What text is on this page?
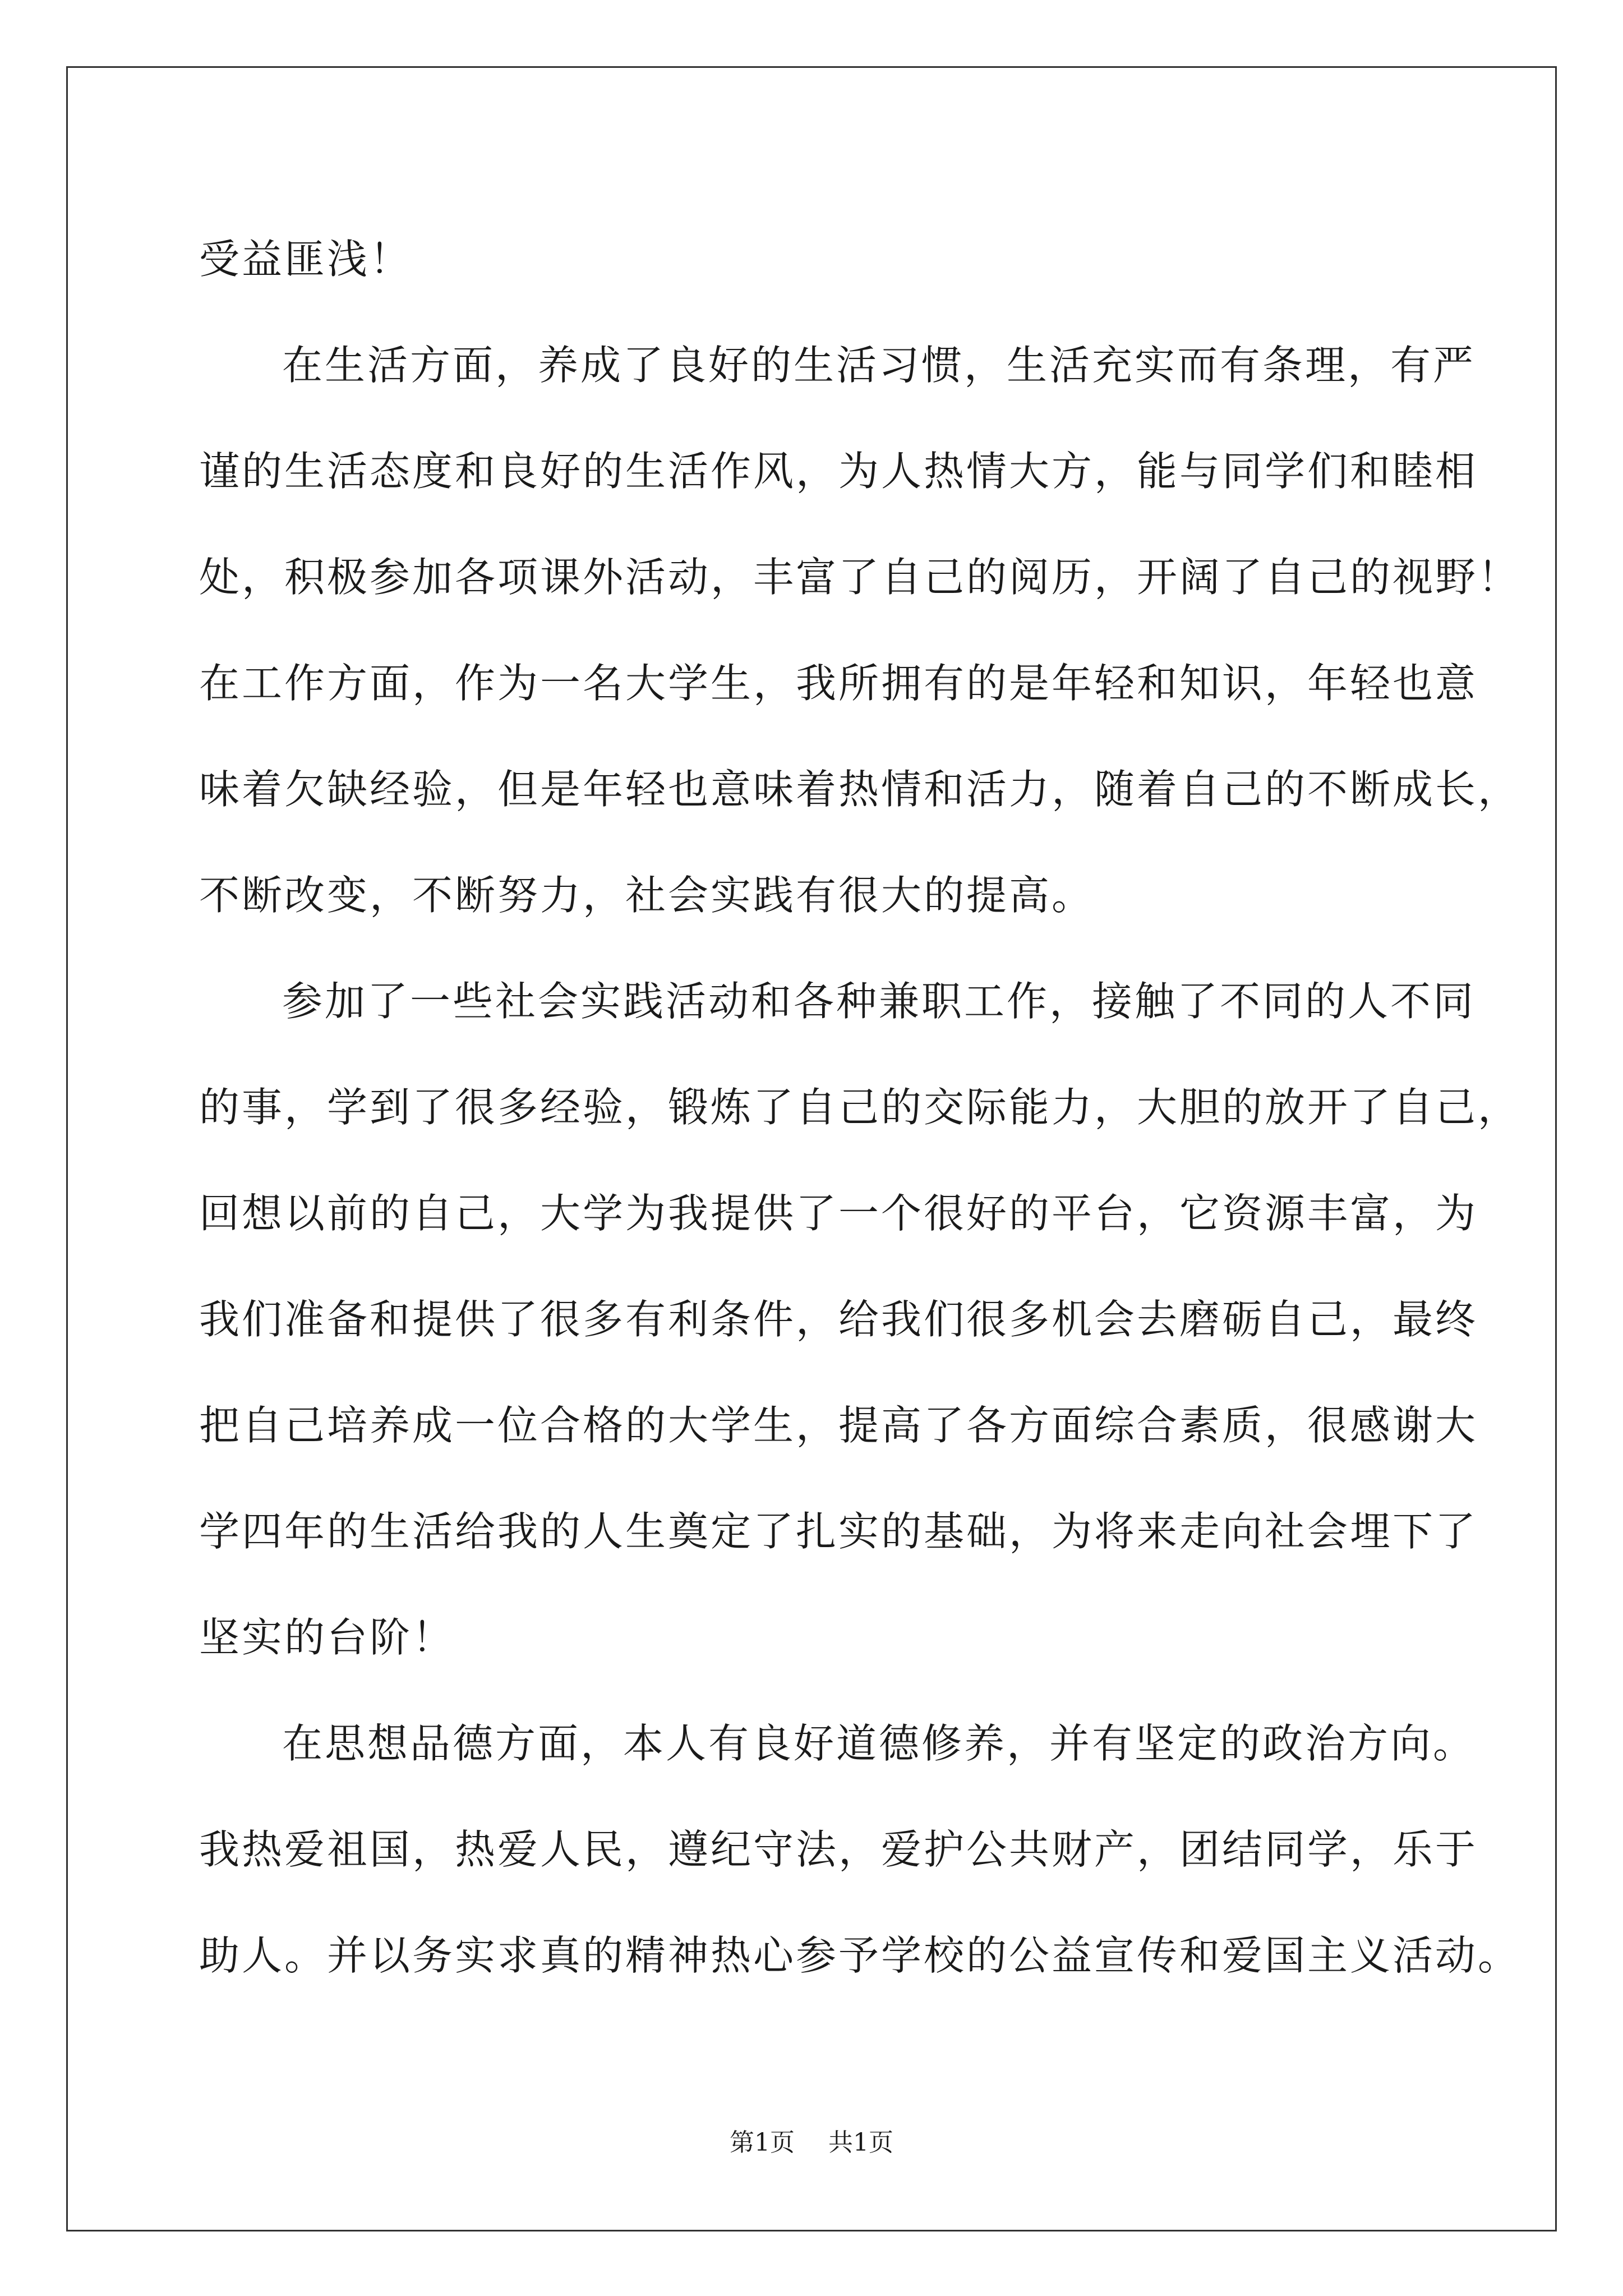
受益匪浅！
在生活方面，养成了良好的生活习惯，生活充实而有条理，有严
谨的生活态度和良好的生活作风，为人热情大方，能与同学们和睦相
处，积极参加各项课外活动，丰富了自己的阅历，开阔了自己的视野！
在工作方面，作为一名大学生，我所拥有的是年轻和知识，年轻也意
味着欠缺经验，但是年轻也意味着热情和活力，随着自己的不断成长，
不断改变，不断努力，社会实践有很大的提高。
参加了一些社会实践活动和各种兼职工作，接触了不同的人不同
的事，学到了很多经验，锻炼了自己的交际能力，大胆的放开了自己，
回想以前的自己，大学为我提供了一个很好的平台，它资源丰富，为
我们准备和提供了很多有利条件，给我们很多机会去磨砺自己，最终
把自己培养成一位合格的大学生，提高了各方面综合素质，很感谢大
学四年的生活给我的人生奠定了扎实的基础，为将来走向社会埋下了
坚实的台阶！
在思想品德方面，本人有良好道德修养，并有坚定的政治方向。
我热爱祖国，热爱人民，遵纪守法，爱护公共财产，团结同学，乐于
助人。并以务实求真的精神热心参予学校的公益宣传和爱国主义活动。
第1页 共1页
